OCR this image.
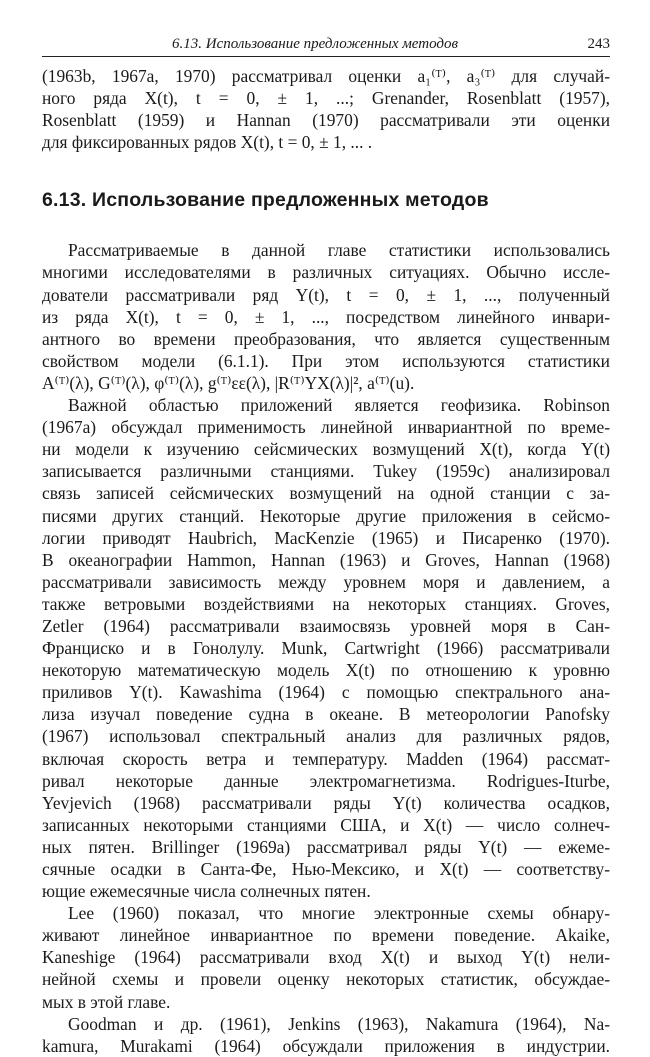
6.13. Использование предложенных методов	243

(1963b, 1967a, 1970) рассматривал оценки a₁⁽ᵀ⁾, a₃⁽ᵀ⁾ для случай-

ного ряда X(t), t = 0, ± 1, ...; Grenander, Rosenblatt (1957),

Rosenblatt (1959) и Hannan (1970) рассматривали эти оценки

для фиксированных рядов X(t), t = 0, ± 1, ... .

6.13. Использование предложенных методов

Рассматриваемые в данной главе статистики использовались

многими исследователями в различных ситуациях. Обычно иссле-

дователи рассматривали ряд Y(t), t = 0, ± 1, ..., полученный

из ряда X(t), t = 0, ± 1, ..., посредством линейного инвари-

антного во времени преобразования, что является существенным

свойством модели (6.1.1). При этом используются статистики

A⁽ᵀ⁾(λ), G⁽ᵀ⁾(λ), φ⁽ᵀ⁾(λ), g⁽ᵀ⁾εε(λ), |R⁽ᵀ⁾YX(λ)|², a⁽ᵀ⁾(u).

Важной областью приложений является геофизика. Robinson

(1967a) обсуждал применимость линейной инвариантной по време-

ни модели к изучению сейсмических возмущений X(t), когда Y(t)

записывается различными станциями. Tukey (1959c) анализировал

связь записей сейсмических возмущений на одной станции с за-

писями других станций. Некоторые другие приложения в сейсмо-

логии приводят Haubrich, MacKenzie (1965) и Писаренко (1970).

В океанографии Hammon, Hannan (1963) и Groves, Hannan (1968)

рассматривали зависимость между уровнем моря и давлением, а

также ветровыми воздействиями на некоторых станциях. Groves,

Zetler (1964) рассматривали взаимосвязь уровней моря в Сан-

Франциско и в Гонолулу. Munk, Cartwright (1966) рассматривали

некоторую математическую модель X(t) по отношению к уровню

приливов Y(t). Kawashima (1964) с помощью спектрального ана-

лиза изучал поведение судна в океане. В метеорологии Panofsky

(1967) использовал спектральный анализ для различных рядов,

включая скорость ветра и температуру. Madden (1964) рассмат-

ривал некоторые данные электромагнетизма. Rodrigues-Iturbe,

Yevjevich (1968) рассматривали ряды Y(t) количества осадков,

записанных некоторыми станциями США, и X(t) — число солнеч-

ных пятен. Brillinger (1969a) рассматривал ряды Y(t) — ежеме-

сячные осадки в Санта-Фе, Нью-Мексико, и X(t) — соответству-

ющие ежемесячные числа солнечных пятен.

Lee (1960) показал, что многие электронные схемы обнару-

живают линейное инвариантное по времени поведение. Akaike,

Kaneshige (1964) рассматривали вход X(t) и выход Y(t) нели-

нейной схемы и провели оценку некоторых статистик, обсуждае-

мых в этой главе.

Goodman и др. (1961), Jenkins (1963), Nakamura (1964), Na-

kamura, Murakami (1964) обсуждали приложения в индустрии.
